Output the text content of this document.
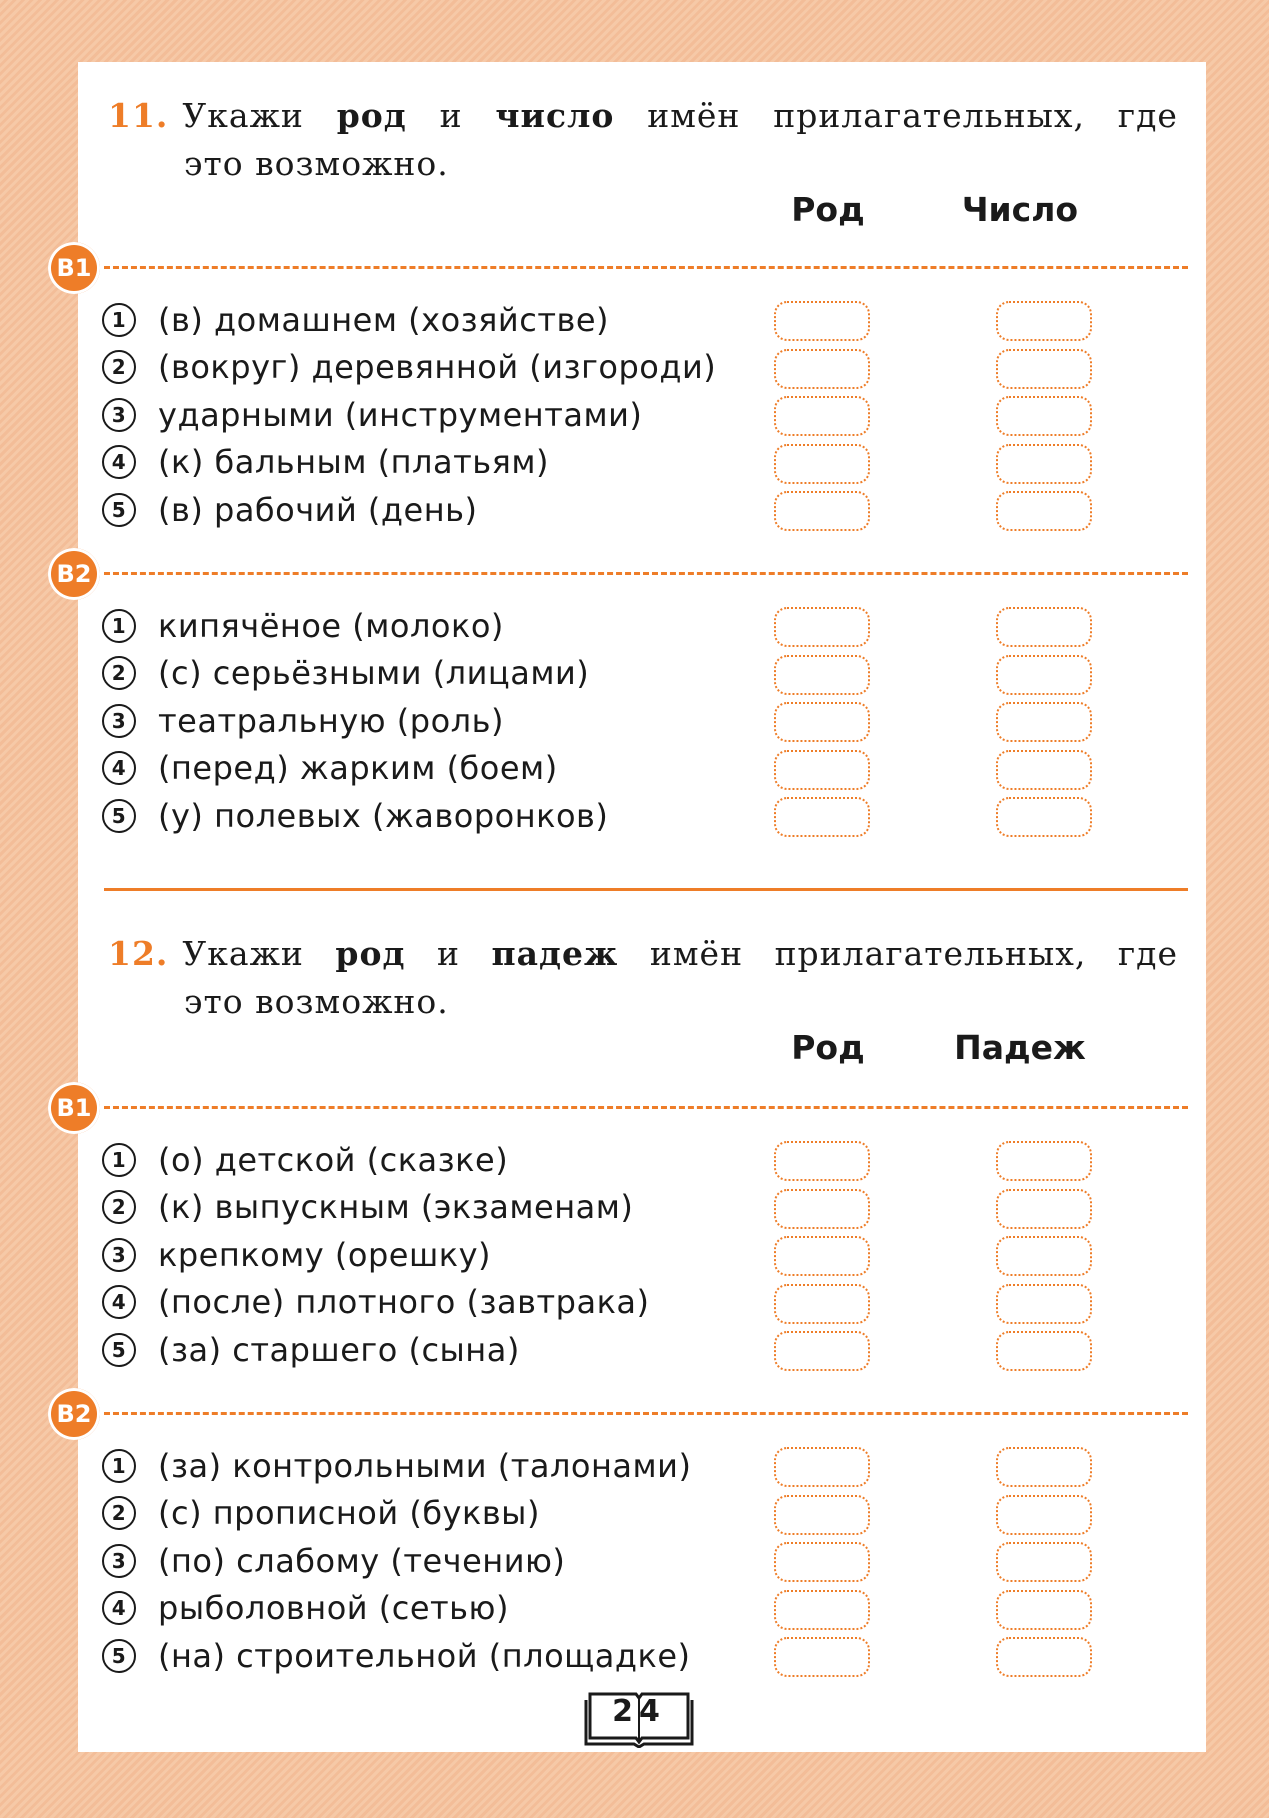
11. Укажи род и число имён прилагательных, где
это возможно.
Род	Число
В1
1 (в) домашнем (хозяйстве)
2 (вокруг) деревянной (изгороди)
3 ударными (инструментами)
4 (к) бальным (платьям)
5 (в) рабочий (день)
В2
1 кипячёное (молоко)
2 (с) серьёзными (лицами)
3 театральную (роль)
4 (перед) жарким (боем)
5 (у) полевых (жаворонков)
12. Укажи род и падеж имён прилагательных, где
это возможно.
Род	Падеж
В1
1 (о) детской (сказке)
2 (к) выпускным (экзаменам)
3 крепкому (орешку)
4 (после) плотного (завтрака)
5 (за) старшего (сына)
В2
1 (за) контрольными (талонами)
2 (с) прописной (буквы)
3 (по) слабому (течению)
4 рыболовной (сетью)
5 (на) строительной (площадке)
24
